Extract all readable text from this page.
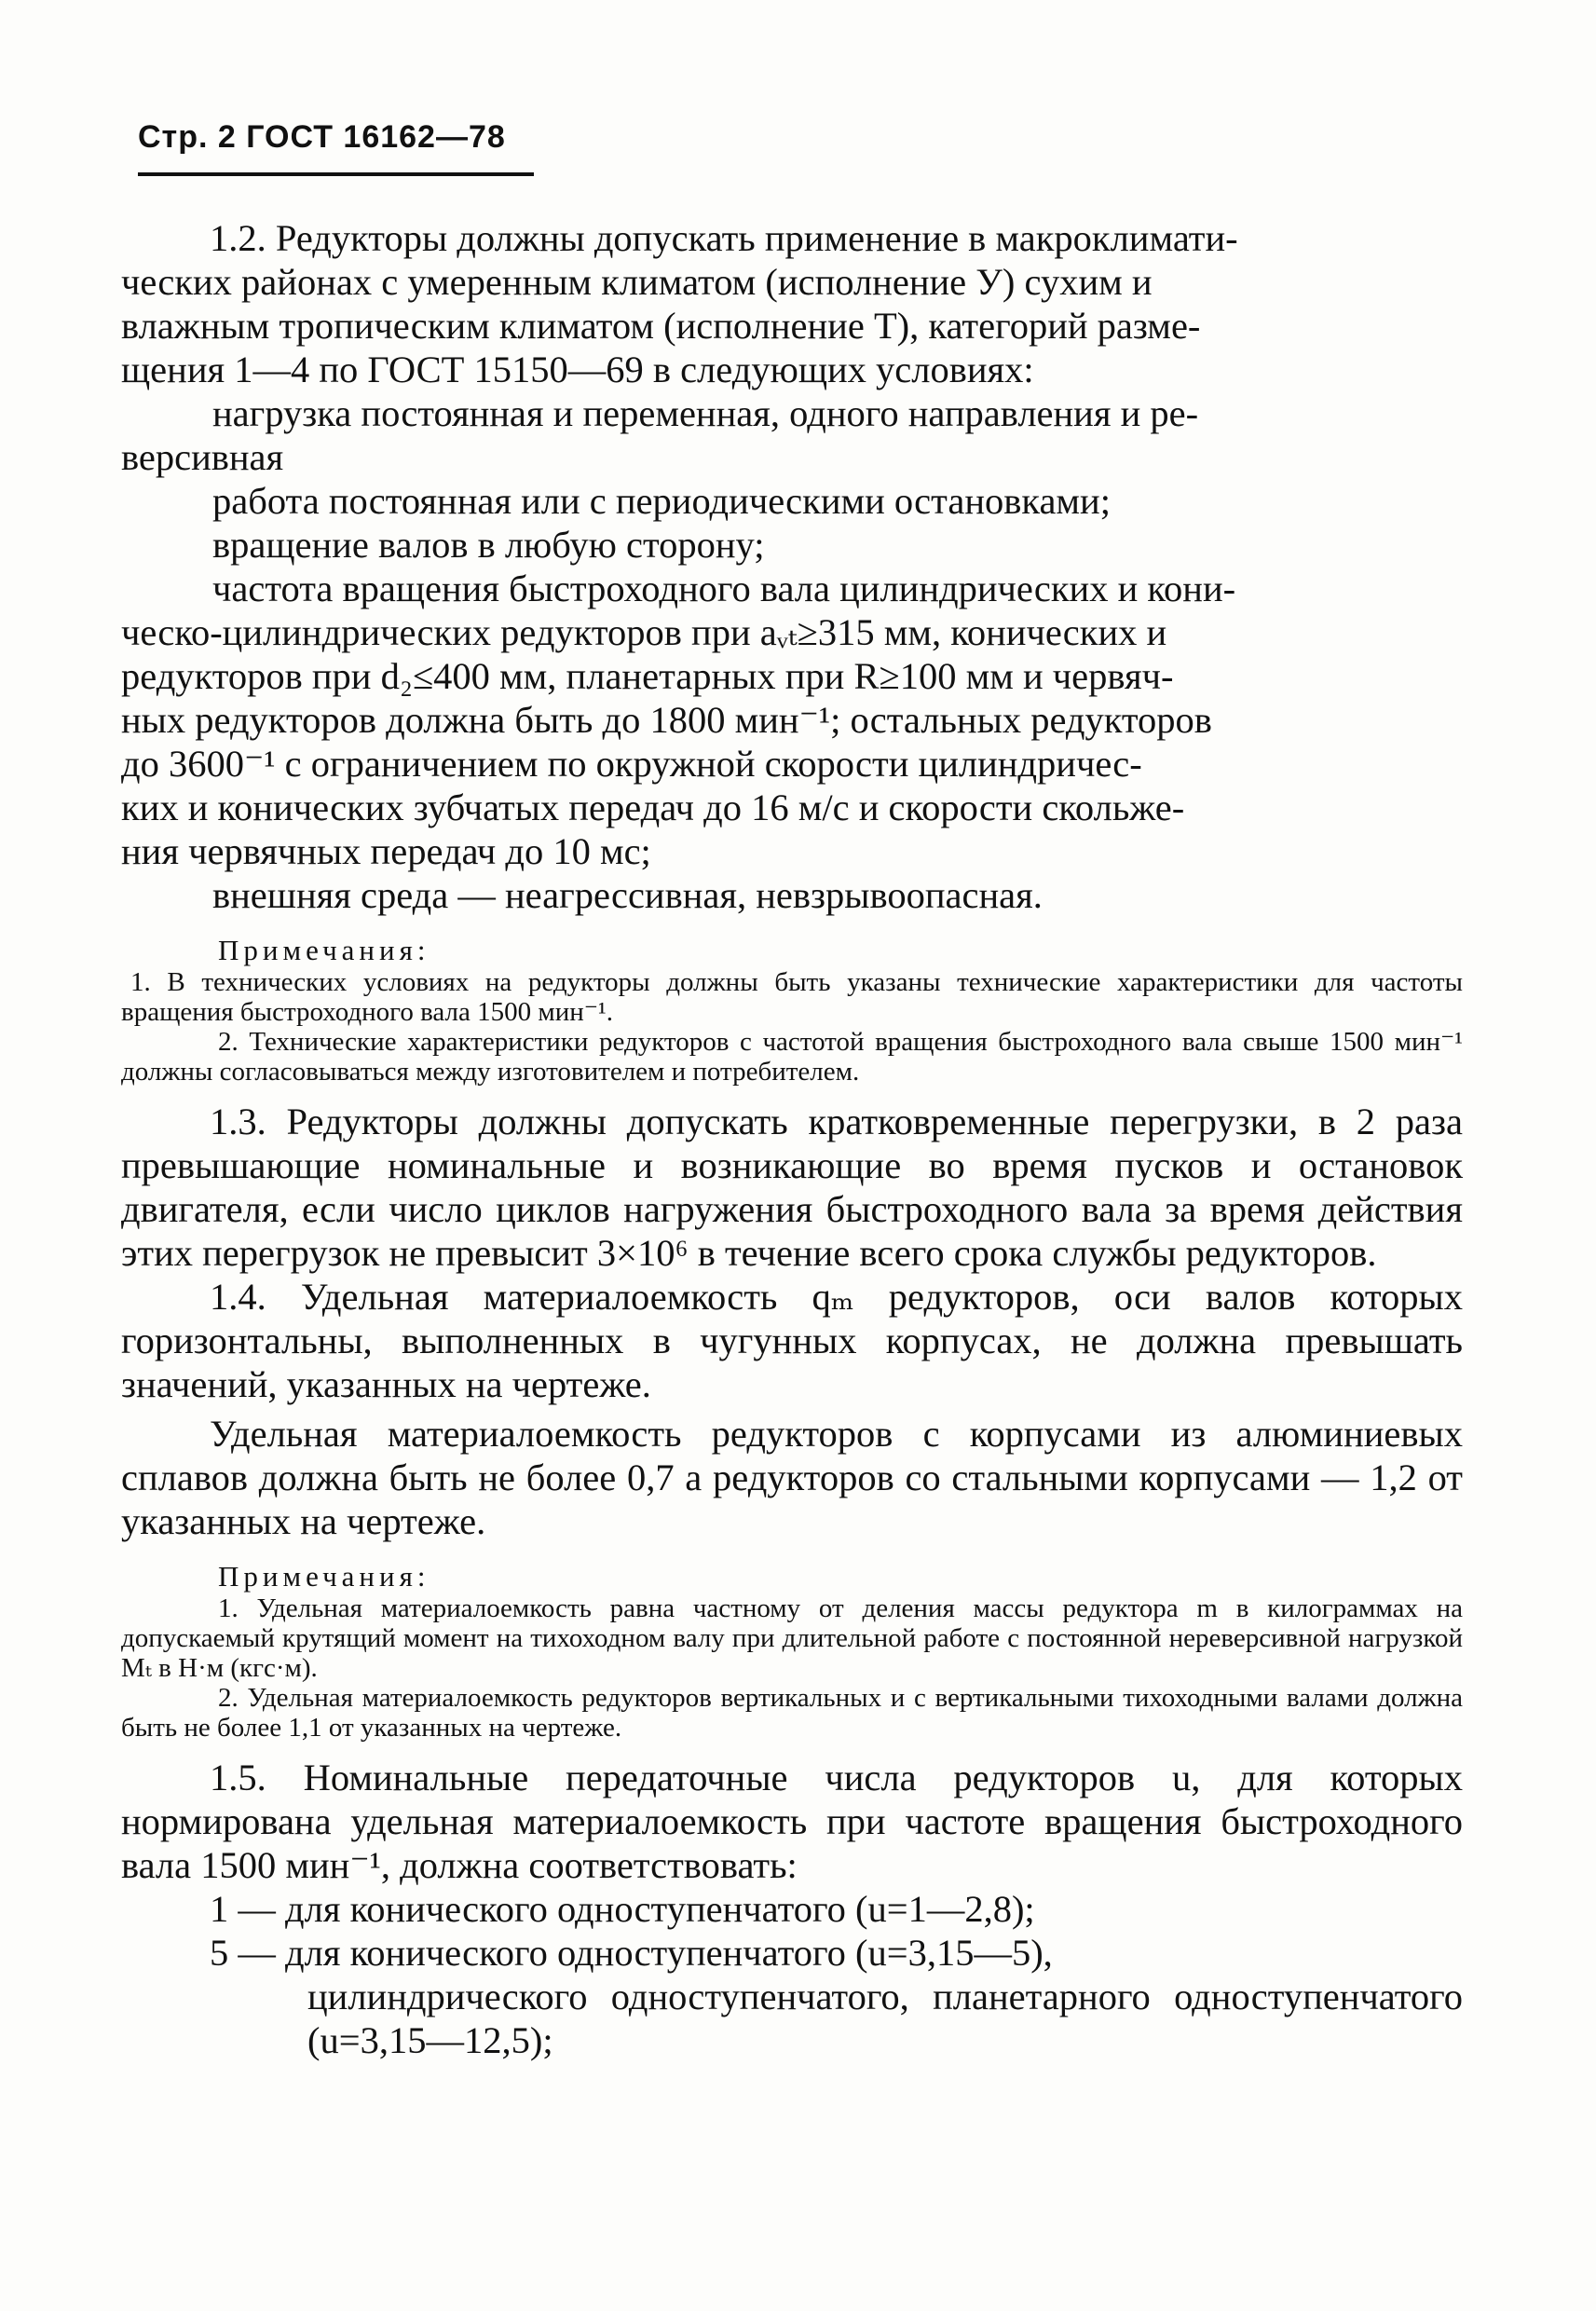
Стр. 2 ГОСТ 16162—78

1.2. Редукторы должны допускать применение в макроклимати-

ческих районах с умеренным климатом (исполнение У) сухим и

влажным тропическим климатом (исполнение Т), категорий разме-

щения 1—4 по ГОСТ 15150—69 в следующих условиях:

нагрузка постоянная и переменная, одного направления и ре-

версивная

работа постоянная или с периодическими остановками;

вращение валов в любую сторону;

частота вращения быстроходного вала цилиндрических и кони-

ческо-цилиндрических редукторов при aᵥₜ≥315 мм, конических и

редукторов при d₂≤400 мм, планетарных при R≥100 мм и червяч-

ных редукторов должна быть до 1800 мин⁻¹; остальных редукторов

до 3600⁻¹ с ограничением по окружной скорости цилиндричес-

ких и конических зубчатых передач до 16 м/с и скорости скольже-

ния червячных передач до 10 мс;

внешняя среда — неагрессивная, невзрывоопасная.

Примечания:

1. В технических условиях на редукторы должны быть указаны технические характеристики для частоты вращения быстроходного вала 1500 мин⁻¹.

2. Технические характеристики редукторов с частотой вращения быстроходного вала свыше 1500 мин⁻¹ должны согласовываться между изготовителем и потребителем.

1.3. Редукторы должны допускать кратковременные перегрузки, в 2 раза превышающие номинальные и возникающие во время пусков и остановок двигателя, если число циклов нагружения быстроходного вала за время действия этих перегрузок не превысит 3×10⁶ в течение всего срока службы редукторов.

1.4. Удельная материалоемкость qₘ редукторов, оси валов которых горизонтальны, выполненных в чугунных корпусах, не должна превышать значений, указанных на чертеже.

Удельная материалоемкость редукторов с корпусами из алюминиевых сплавов должна быть не более 0,7 а редукторов со стальными корпусами — 1,2 от указанных на чертеже.

Примечания:

1. Удельная материалоемкость равна частному от деления массы редуктора m в килограммах на допускаемый крутящий момент на тихоходном валу при длительной работе с постоянной нереверсивной нагрузкой Mₜ в Н·м (кгс·м).

2. Удельная материалоемкость редукторов вертикальных и с вертикальными тихоходными валами должна быть не более 1,1 от указанных на чертеже.

1.5. Номинальные передаточные числа редукторов u, для которых нормирована удельная материалоемкость при частоте вращения быстроходного вала 1500 мин⁻¹, должна соответствовать:

1 — для конического одноступенчатого (u=1—2,8);

5 — для конического одноступенчатого (u=3,15—5),

цилиндрического одноступенчатого, планетарного одноступенчатого (u=3,15—12,5);
